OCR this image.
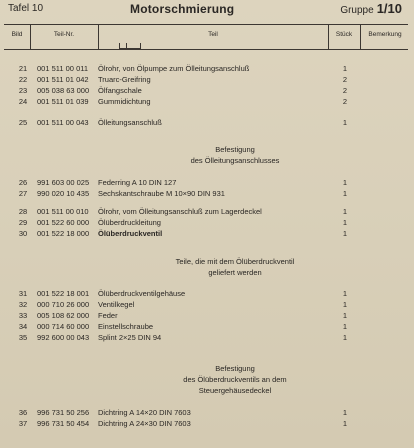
Tafel 10	Motorschmierung	Gruppe 1/10
Bild	Teil-Nr.	Teil	Stück Bemerkung
21	001 511 00 011 Ölrohr, von Ölpumpe zum Ölleitungsanschluß	1
22	001 511 01 042 Truarc-Greifring	2
23	005 038 63 000 Ölfangschale	2
24	001 511 01 039 Gummidichtung	2
25	001 511 00 043 Ölleitungsanschluß	1
Befestigung
des Ölleitungsanschlusses
26	991 603 00 025 Federring A 10 DIN 127	1
27	990 020 10 435 Sechskantschraube M 10×90 DIN 931	1
28	001 511 00 010 Ölrohr, vom Ölleitungsanschluß zum Lagerdeckel	1
29	001 522 60 000 Ölüberdruckleitung	1
30	001 522 18 000 Ölüberdruckventil	1
Teile, die mit dem Ölüberdruckventil
geliefert werden
31	001 522 18 001 Ölüberdruckventilgehäuse	1
32	000 710 26 000 Ventilkegel	1
33	005 108 62 000 Feder	1
34	000 714 60 000 Einstellschraube	1
35	992 600 00 043 Splint 2×25 DIN 94	1
Befestigung
des Ölüberdruckventils an dem
Steuergehäusedeckel
36	996 731 50 256 Dichtring A 14×20 DIN 7603	1
37	996 731 50 454 Dichtring A 24×30 DIN 7603	1
